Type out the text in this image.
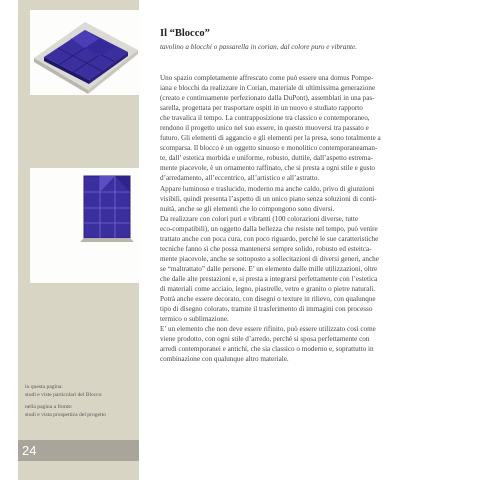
in questa pagina:
studi e viste particolari del Blocco

nella pagina a fronte:
studi e vista prospettica del progetto

24
Il “Blocco”

tavolino a blocchi o passarella in corian, dal colore puro e vibrante.

Uno spazio completamente affrescato come può essere una domus Pompe-
iana e blocchi da realizzare in Corian, materiale di ultimissima generazione
(creato e continuamente perfezionato dalla DuPont), assemblati in una pas-
sarella, progettata per trasportare ospiti in un nuovo e studiato rapporto
che travalica il tempo. La contrapposizione tra classico e contemporaneo,
rendono il progetto unico nel suo essere, in questo muoversi tra passato e
futuro. Gli elementi di aggancio e gli elementi per la presa, sono totalmente a
scomparsa. Il blocco è un oggetto sinuoso e monolitico contemporaneaman-
te, dall’ estetica morbida e uniforme, robusto, duttile, dall’aspetto estrema-
mente piacevole, è un ornamento raffinato, che si presta a ogni stile e gusto
d’arredamento, all’eccentrico, all’artistico e all’astratto.
Appare luminoso e traslucido, moderno ma anche caldo, privo di giunzioni
visibili, quindi presenta l’aspetto di un unico piano senza soluzioni di conti-
nuità, anche se gli elementi che lo compongono sono diversi.
Da realizzare con colori puri e vibranti (100 colorazioni diverse, tutte
eco-compatibili), un oggetto dalla bellezza che resiste nel tempo, può venire
trattato anche con poca cura, con poco riguardo, perché le sue caratteristiche
tecniche fanno sì che possa mantenersi sempre solido, robusto ed esteitca-
mente piacevole, anche se sottoposto a sollecitazioni di diversi generi, anche
se “maltrattato” dalle persone. E’ un elemento dalle mille utilizzazioni, oltre
che dalle alte prestazioni e, si presta a integrarsi perfettamente con l’estetica
di materiali come acciaio, legno, piastrelle, vetro e granito o pietre naturali.
Potrà anche essere decorato, con disegni o texture in rilievo, con qualunque
tipo di disegno colorato, tramite il trasferimento di immagini con processo
termico o sublimazione.
E’ un elemento che non deve essere rifinito, può essere utilizzato così come
viene prodotto, con ogni stile d’arredo, perché si sposa perfettamente con
arredi contemporanei e antichi, che sia classico o moderno e, soprattutto in
combinazione con qualunque altro materiale.
